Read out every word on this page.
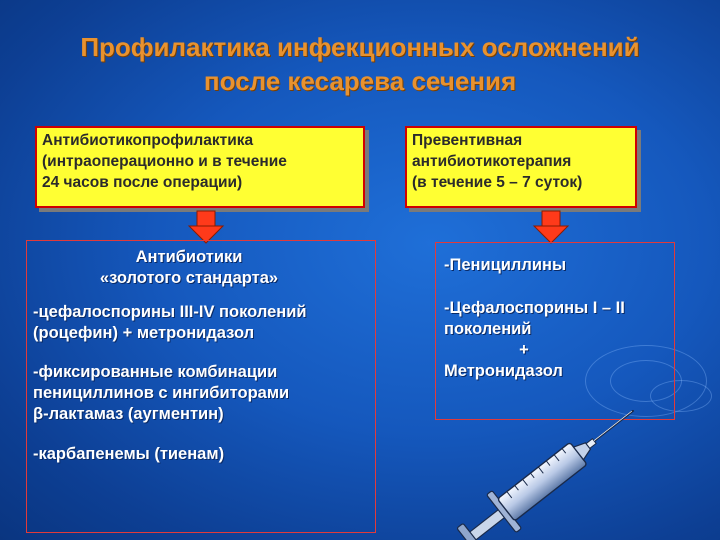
Профилактика инфекционных осложнений
после кесарева сечения
Антибиотикопрофилактика
(интраоперационно и в течение
24 часов после операции)
Превентивная
антибиотикотерапия
(в течение 5 – 7 суток)
Антибиотики
«золотого стандарта»
-цефалоспорины III-IV поколений
(роцефин) + метронидазол
-фиксированные комбинации
пенициллинов с ингибиторами
β-лактамаз (аугментин)
-карбапенемы (тиенам)
-Пенициллины
-Цефалоспорины I – II
поколений
+
Метронидазол
